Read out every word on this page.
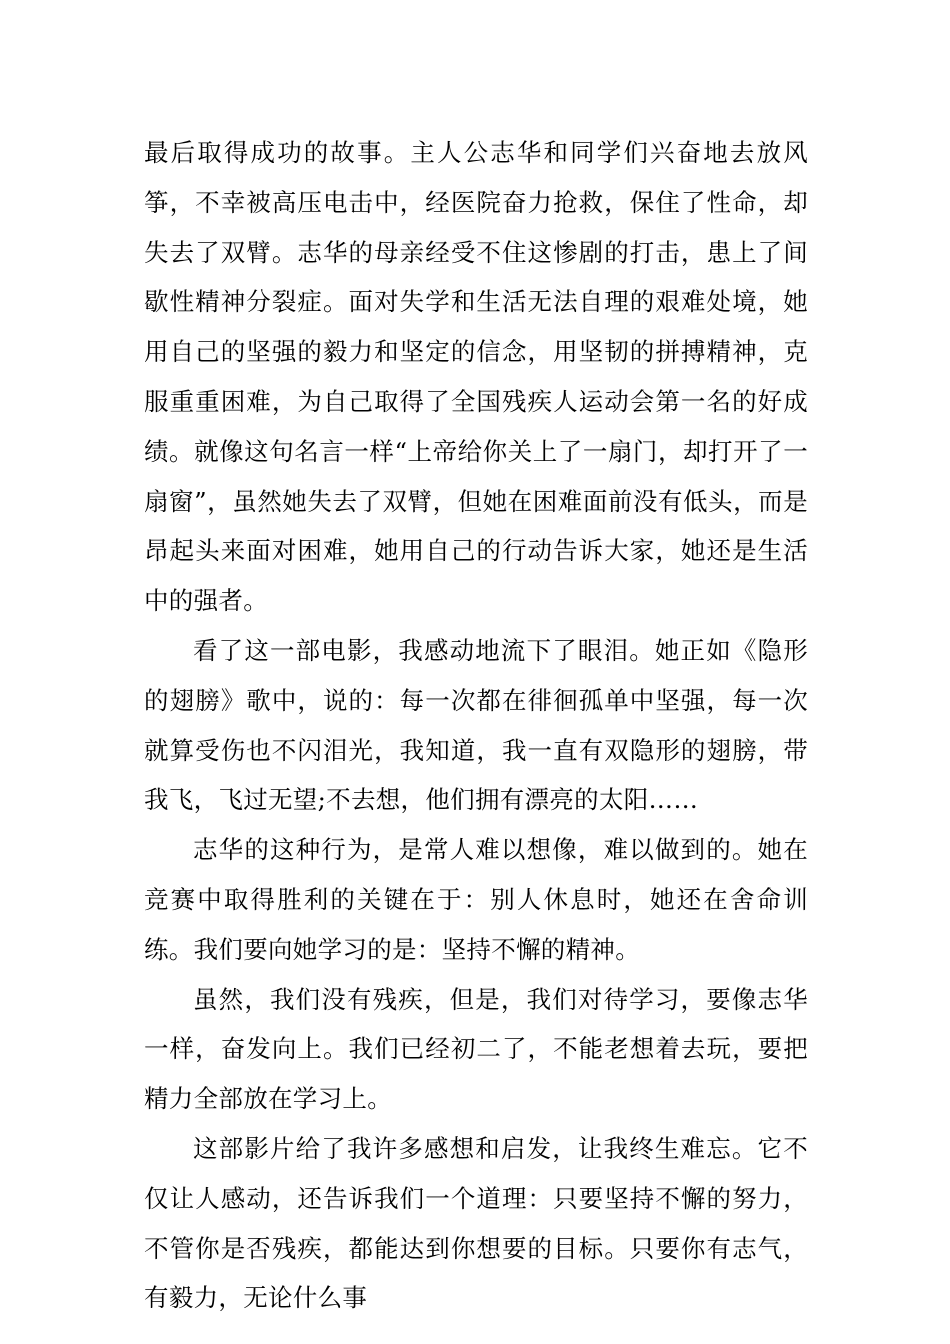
最后取得成功的故事。主人公志华和同学们兴奋地去放风筝，不幸被高压电击中，经医院奋力抢救，保住了性命，却失去了双臂。志华的母亲经受不住这惨剧的打击，患上了间歇性精神分裂症。面对失学和生活无法自理的艰难处境，她用自己的坚强的毅力和坚定的信念，用坚韧的拼搏精神，克服重重困难，为自己取得了全国残疾人运动会第一名的好成绩。就像这句名言一样“上帝给你关上了一扇门，却打开了一扇窗”，虽然她失去了双臂，但她在困难面前没有低头，而是昂起头来面对困难，她用自己的行动告诉大家，她还是生活中的强者。

看了这一部电影，我感动地流下了眼泪。她正如《隐形的翅膀》歌中，说的：每一次都在徘徊孤单中坚强，每一次就算受伤也不闪泪光，我知道，我一直有双隐形的翅膀，带我飞，飞过无望;不去想，他们拥有漂亮的太阳……

志华的这种行为，是常人难以想像，难以做到的。她在竞赛中取得胜利的关键在于：别人休息时，她还在舍命训练。我们要向她学习的是：坚持不懈的精神。

虽然，我们没有残疾，但是，我们对待学习，要像志华一样，奋发向上。我们已经初二了，不能老想着去玩，要把精力全部放在学习上。

这部影片给了我许多感想和启发，让我终生难忘。它不仅让人感动，还告诉我们一个道理：只要坚持不懈的努力，不管你是否残疾，都能达到你想要的目标。只要你有志气，有毅力，无论什么事
